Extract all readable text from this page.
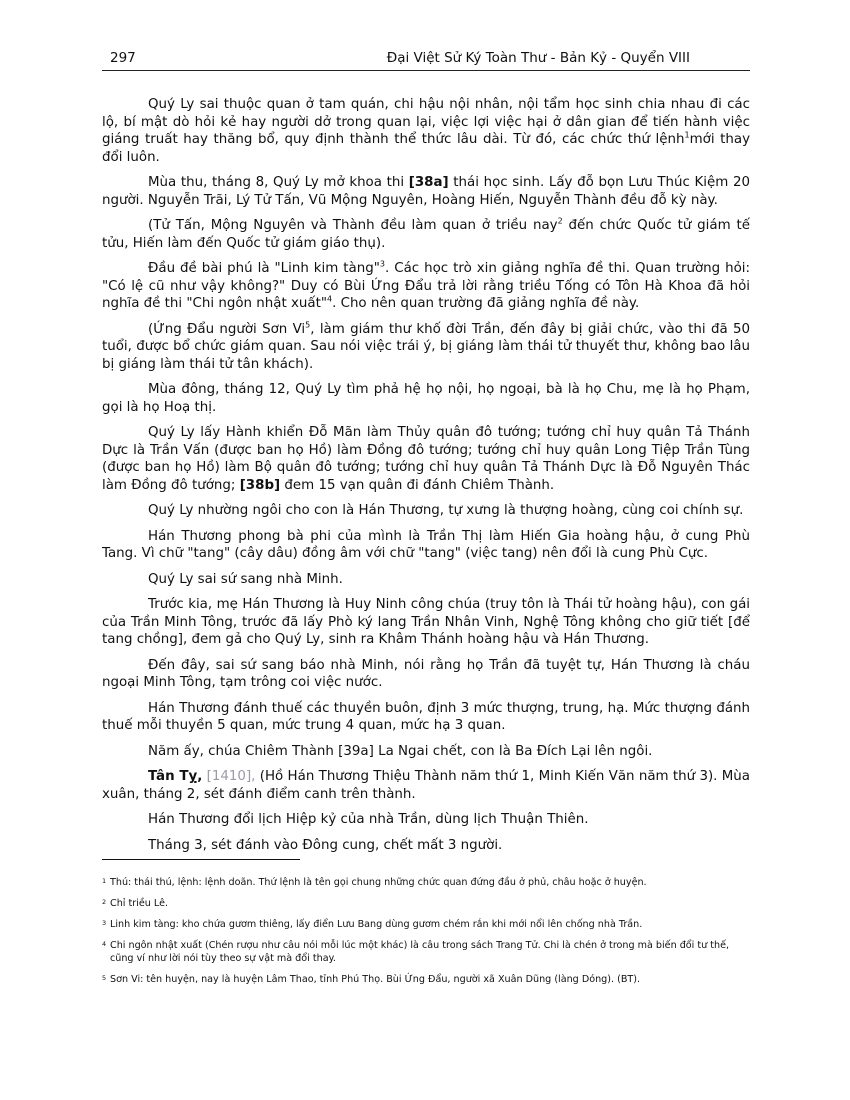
297	Đại Việt Sử Ký Toàn Thư - Bản Kỷ - Quyển VIII

Quý Ly sai thuộc quan ở tam quán, chi hậu nội nhân, nội tẩm học sinh chia nhau đi các lộ, bí mật dò hỏi kẻ hay người dở trong quan lại, việc lợi việc hại ở dân gian để tiến hành việc giáng truất hay thăng bổ, quy định thành thể thức lâu dài. Từ đó, các chức thứ lệnh$^1$mới thay đổi luôn.

Mùa thu, tháng 8, Quý Ly mở khoa thi [38a] thái học sinh. Lấy đỗ bọn Lưu Thúc Kiệm 20 người. Nguyễn Trãi, Lý Tử Tấn, Vũ Mộng Nguyên, Hoàng Hiến, Nguyễn Thành đều đỗ kỳ này.

(Tử Tấn, Mộng Nguyên và Thành đều làm quan ở triều nay$^2$ đến chức Quốc tử giám tế tửu, Hiến làm đến Quốc tử giám giáo thụ).

Đầu đề bài phú là "Linh kim tàng"$^3$. Các học trò xin giảng nghĩa đề thi. Quan trường hỏi: "Có lệ cũ như vậy không?" Duy có Bùi Ứng Đẩu trả lời rằng triều Tống có Tôn Hà Khoa đã hỏi nghĩa đề thi "Chi ngôn nhật xuất"$^4$. Cho nên quan trường đã giảng nghĩa đề này.

(Ứng Đẩu người Sơn Vi$^5$, làm giám thư khố đời Trần, đến đây bị giải chức, vào thi đã 50 tuổi, được bổ chức giám quan. Sau nói việc trái ý, bị giáng làm thái tử thuyết thư, không bao lâu bị giáng làm thái tử tân khách).

Mùa đông, tháng 12, Quý Ly tìm phả hệ họ nội, họ ngoại, bà là họ Chu, mẹ là họ Phạm, gọi là họ Hoạ thị.

Quý Ly lấy Hành khiển Đỗ Mãn làm Thủy quân đô tướng; tướng chỉ huy quân Tả Thánh Dực là Trần Vấn (được ban họ Hồ) làm Đồng đô tướng; tướng chỉ huy quân Long Tiệp Trần Tùng (được ban họ Hồ) làm Bộ quân đô tướng; tướng chỉ huy quân Tả Thánh Dực là Đỗ Nguyên Thác làm Đồng đô tướng; [38b] đem 15 vạn quân đi đánh Chiêm Thành.

Quý Ly nhường ngôi cho con là Hán Thương, tự xưng là thượng hoàng, cùng coi chính sự.

Hán Thương phong bà phi của mình là Trần Thị làm Hiến Gia hoàng hậu, ở cung Phù Tang. Vì chữ "tang" (cây dâu) đồng âm với chữ "tang" (việc tang) nên đổi là cung Phù Cực.

Quý Ly sai sứ sang nhà Minh.

Trước kia, mẹ Hán Thương là Huy Ninh công chúa (truy tôn là Thái tử hoàng hậu), con gái của Trần Minh Tông, trước đã lấy Phò ký lang Trần Nhân Vinh, Nghệ Tông không cho giữ tiết [để tang chồng], đem gả cho Quý Ly, sinh ra Khâm Thánh hoàng hậu và Hán Thương.

Đến đây, sai sứ sang báo nhà Minh, nói rằng họ Trần đã tuyệt tự, Hán Thương là cháu ngoại Minh Tông, tạm trông coi việc nước.

Hán Thương đánh thuế các thuyền buôn, định 3 mức thượng, trung, hạ. Mức thượng đánh thuế mỗi thuyền 5 quan, mức trung 4 quan, mức hạ 3 quan.

Năm ấy, chúa Chiêm Thành [39a] La Ngai chết, con là Ba Đích Lại lên ngôi.

Tân Tỵ, [1410], (Hồ Hán Thương Thiệu Thành năm thứ 1, Minh Kiến Văn năm thứ 3). Mùa xuân, tháng 2, sét đánh điểm canh trên thành.

Hán Thương đổi lịch Hiệp kỷ của nhà Trần, dùng lịch Thuận Thiên.

Tháng 3, sét đánh vào Đông cung, chết mất 3 người.

1 Thú: thái thú, lệnh: lệnh doãn. Thứ lệnh là tên gọi chung những chức quan đứng đầu ở phủ, châu hoặc ở huyện.

2 Chỉ triều Lê.

3 Linh kim tàng: kho chứa gươm thiêng, lấy điển Lưu Bang dùng gươm chém rắn khi mới nổi lên chống nhà Trần.

4 Chi ngôn nhật xuất (Chén rượu như câu nói mỗi lúc một khác) là câu trong sách Trang Tử. Chi là chén ở trong mà biến đổi tư thế, cũng ví như lời nói tùy theo sự vật mà đổi thay.

5 Sơn Vi: tên huyện, nay là huyện Lâm Thao, tỉnh Phú Thọ. Bùi Ứng Đẩu, người xã Xuân Dũng (làng Dóng). (BT).
